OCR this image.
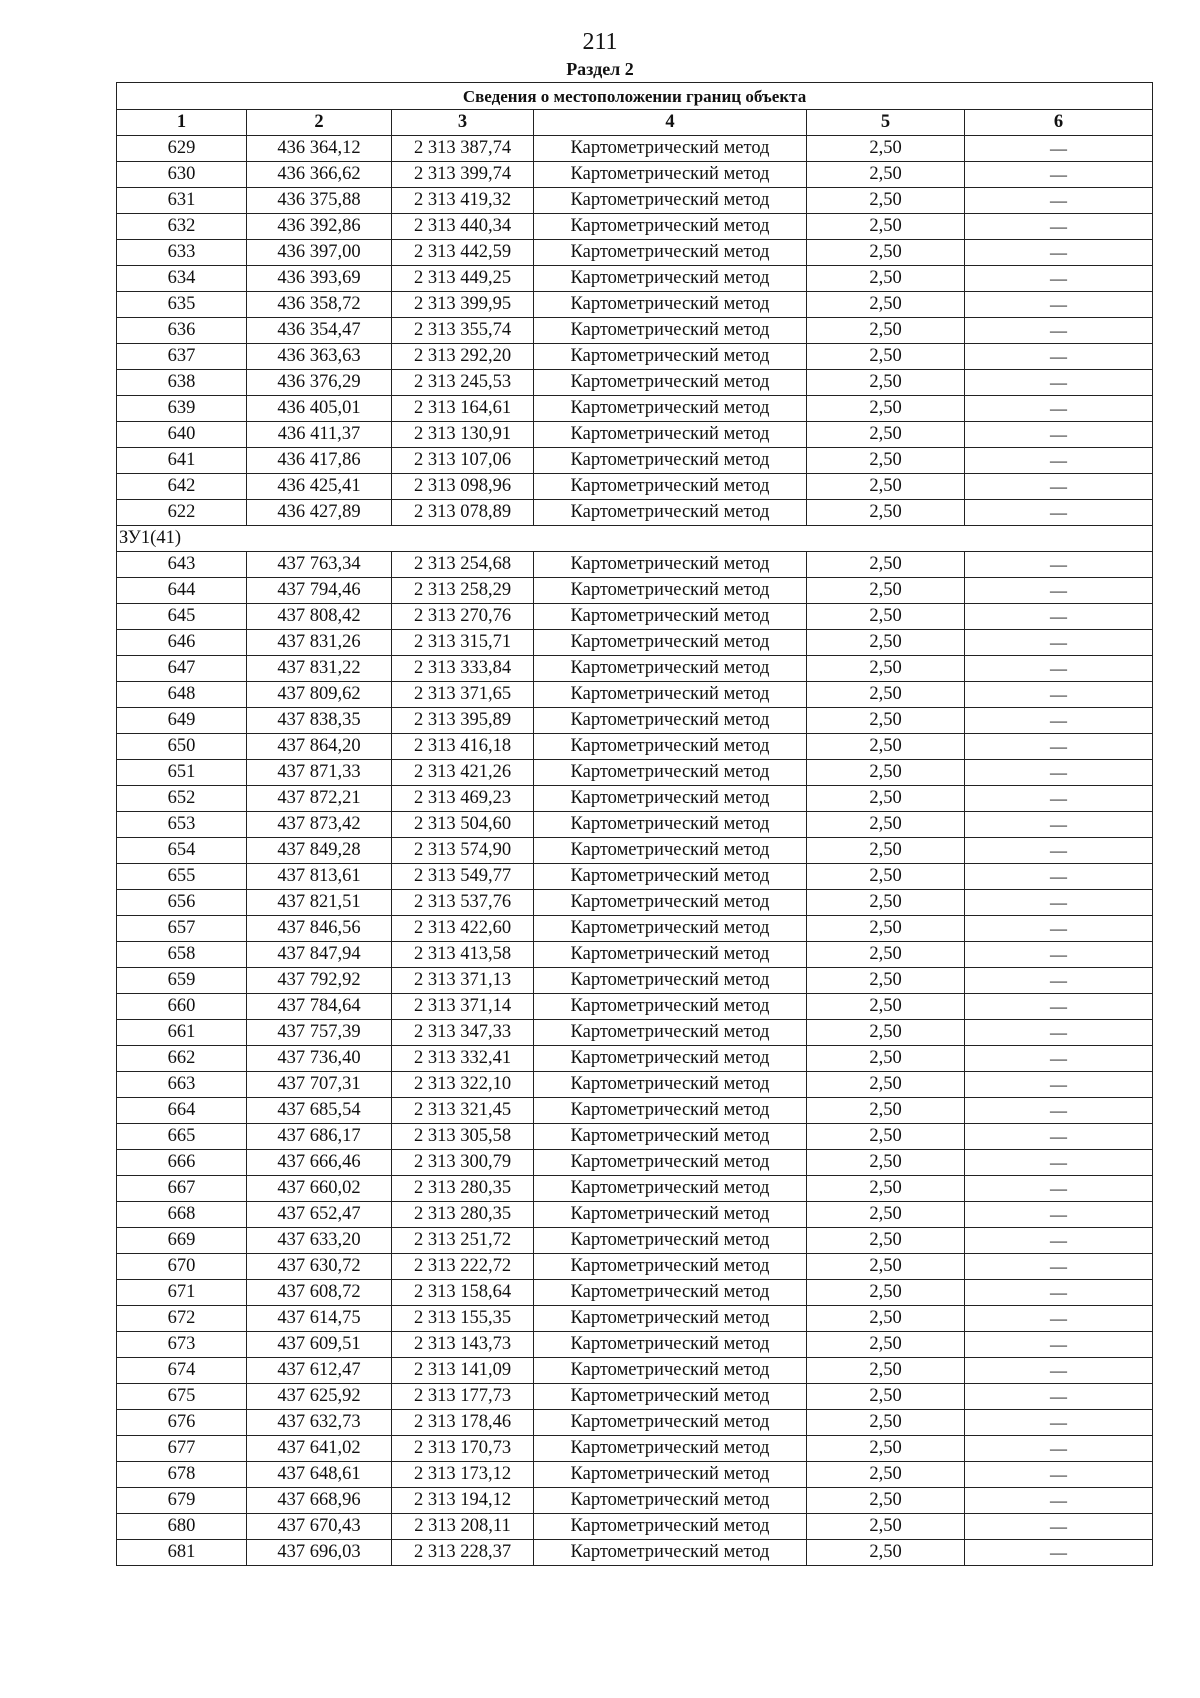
211
Раздел 2
Сведения о местоположении границ объекта					
1	2	3	4	5	6
629	436 364,12	2 313 387,74	Картометрический метод	2,50	—
630	436 366,62	2 313 399,74	Картометрический метод	2,50	—
631	436 375,88	2 313 419,32	Картометрический метод	2,50	—
632	436 392,86	2 313 440,34	Картометрический метод	2,50	—
633	436 397,00	2 313 442,59	Картометрический метод	2,50	—
634	436 393,69	2 313 449,25	Картометрический метод	2,50	—
635	436 358,72	2 313 399,95	Картометрический метод	2,50	—
636	436 354,47	2 313 355,74	Картометрический метод	2,50	—
637	436 363,63	2 313 292,20	Картометрический метод	2,50	—
638	436 376,29	2 313 245,53	Картометрический метод	2,50	—
639	436 405,01	2 313 164,61	Картометрический метод	2,50	—
640	436 411,37	2 313 130,91	Картометрический метод	2,50	—
641	436 417,86	2 313 107,06	Картометрический метод	2,50	—
642	436 425,41	2 313 098,96	Картометрический метод	2,50	—
622	436 427,89	2 313 078,89	Картометрический метод	2,50	—
ЗУ1(41)					
643	437 763,34	2 313 254,68	Картометрический метод	2,50	—
644	437 794,46	2 313 258,29	Картометрический метод	2,50	—
645	437 808,42	2 313 270,76	Картометрический метод	2,50	—
646	437 831,26	2 313 315,71	Картометрический метод	2,50	—
647	437 831,22	2 313 333,84	Картометрический метод	2,50	—
648	437 809,62	2 313 371,65	Картометрический метод	2,50	—
649	437 838,35	2 313 395,89	Картометрический метод	2,50	—
650	437 864,20	2 313 416,18	Картометрический метод	2,50	—
651	437 871,33	2 313 421,26	Картометрический метод	2,50	—
652	437 872,21	2 313 469,23	Картометрический метод	2,50	—
653	437 873,42	2 313 504,60	Картометрический метод	2,50	—
654	437 849,28	2 313 574,90	Картометрический метод	2,50	—
655	437 813,61	2 313 549,77	Картометрический метод	2,50	—
656	437 821,51	2 313 537,76	Картометрический метод	2,50	—
657	437 846,56	2 313 422,60	Картометрический метод	2,50	—
658	437 847,94	2 313 413,58	Картометрический метод	2,50	—
659	437 792,92	2 313 371,13	Картометрический метод	2,50	—
660	437 784,64	2 313 371,14	Картометрический метод	2,50	—
661	437 757,39	2 313 347,33	Картометрический метод	2,50	—
662	437 736,40	2 313 332,41	Картометрический метод	2,50	—
663	437 707,31	2 313 322,10	Картометрический метод	2,50	—
664	437 685,54	2 313 321,45	Картометрический метод	2,50	—
665	437 686,17	2 313 305,58	Картометрический метод	2,50	—
666	437 666,46	2 313 300,79	Картометрический метод	2,50	—
667	437 660,02	2 313 280,35	Картометрический метод	2,50	—
668	437 652,47	2 313 280,35	Картометрический метод	2,50	—
669	437 633,20	2 313 251,72	Картометрический метод	2,50	—
670	437 630,72	2 313 222,72	Картометрический метод	2,50	—
671	437 608,72	2 313 158,64	Картометрический метод	2,50	—
672	437 614,75	2 313 155,35	Картометрический метод	2,50	—
673	437 609,51	2 313 143,73	Картометрический метод	2,50	—
674	437 612,47	2 313 141,09	Картометрический метод	2,50	—
675	437 625,92	2 313 177,73	Картометрический метод	2,50	—
676	437 632,73	2 313 178,46	Картометрический метод	2,50	—
677	437 641,02	2 313 170,73	Картометрический метод	2,50	—
678	437 648,61	2 313 173,12	Картометрический метод	2,50	—
679	437 668,96	2 313 194,12	Картометрический метод	2,50	—
680	437 670,43	2 313 208,11	Картометрический метод	2,50	—
681	437 696,03	2 313 228,37	Картометрический метод	2,50	—
